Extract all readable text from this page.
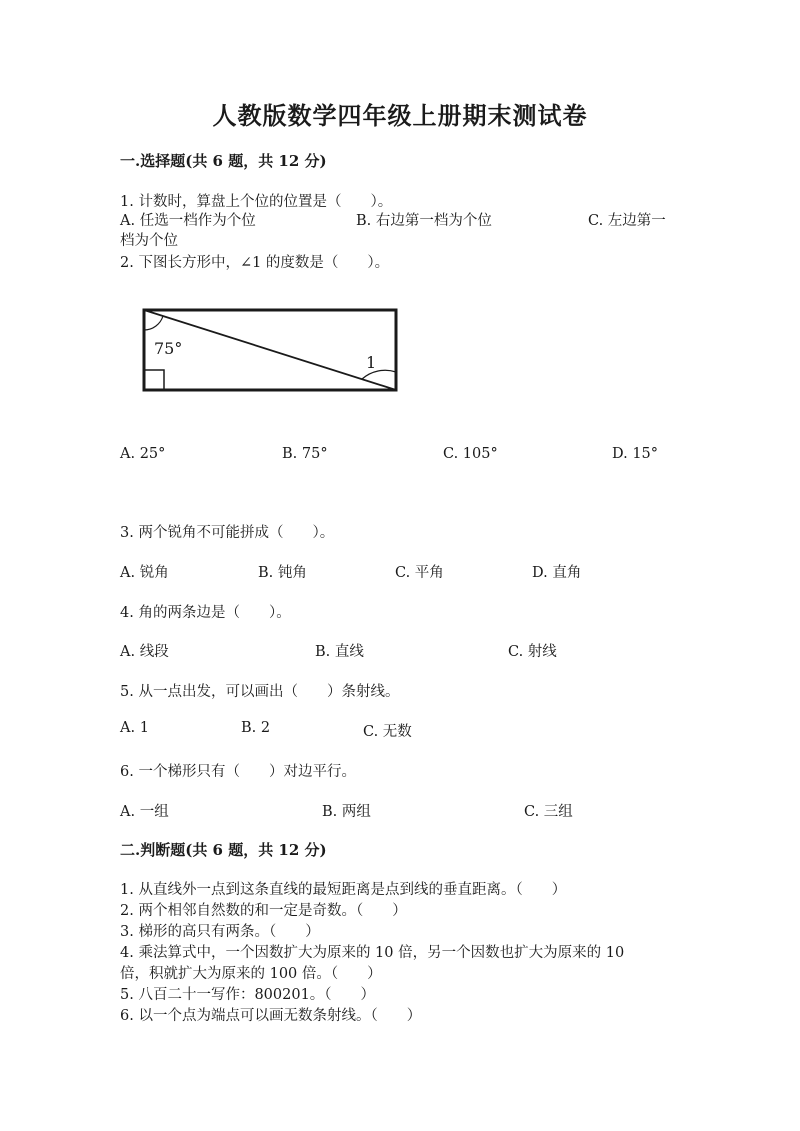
人教版数学四年级上册期末测试卷
一.选择题(共 6 题，共 12 分)
1. 计数时，算盘上个位的位置是（　　）。
A. 任选一档作为个位	B. 右边第一档为个位	C. 左边第一
档为个位
2. 下图长方形中，∠1 的度数是（　　）。
75°
1
A. 25°	B. 75°	C. 105°	D. 15°
3. 两个锐角不可能拼成（　　）。
A. 锐角	B. 钝角	C. 平角	D. 直角
4. 角的两条边是（　　）。
A. 线段	B. 直线	C. 射线
5. 从一点出发，可以画出（　　）条射线。
A. 1	B. 2	C. 无数
6. 一个梯形只有（　　）对边平行。
A. 一组	B. 两组	C. 三组
二.判断题(共 6 题，共 12 分)
1. 从直线外一点到这条直线的最短距离是点到线的垂直距离。（　　）
2. 两个相邻自然数的和一定是奇数。（　　）
3. 梯形的高只有两条。（　　）
4. 乘法算式中，一个因数扩大为原来的 10 倍，另一个因数也扩大为原来的 10
倍，积就扩大为原来的 100 倍。（　　）
5. 八百二十一写作：800201。（　　）
6. 以一个点为端点可以画无数条射线。（　　）
